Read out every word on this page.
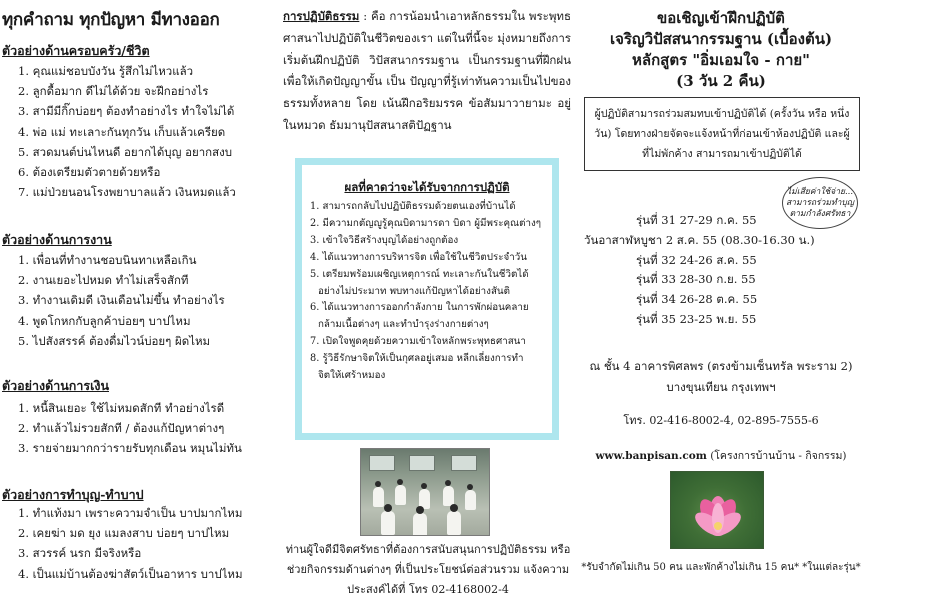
ทุกคำถาม ทุกปัญหา มีทางออก
ตัวอย่างด้านครอบครัว/ชีวิต
1. คุณแม่ชอบบังวัน รู้สึกไม่ไหวแล้ว
2. ลูกดื้อมาก ดีไม่ได้ด้วย จะฝึกอย่างไร
3. สามีมีกิ๊กบ่อยๆ ต้องทำอย่างไร ทำใจไม่ได้
4. พ่อ แม่ ทะเลาะกันทุกวัน เก็บแล้วเครียด
5. สวดมนต์บ่นไหนดี อยากได้บุญ อยากสงบ
6. ต้องเตรียมตัวตายด้วยหรือ
7. แม่ป่วยนอนโรงพยาบาลแล้ว เงินหมดแล้ว
ตัวอย่างด้านการงาน
1. เพื่อนที่ทำงานชอบนินทาเหลือเกิน
2. งานเยอะไปหมด ทำไม่เสร็จสักที
3. ทำงานเดิมดี เงินเดือนไม่ขึ้น ทำอย่างไร
4. พูดโกหกกับลูกค้าบ่อยๆ บาปไหม
5. ไปสังสรรค์ ต้องดื่มไวน์บ่อยๆ ผิดไหม
ตัวอย่างด้านการเงิน
1. หนี้สินเยอะ ใช้ไม่หมดสักที ทำอย่างไรดี
2. ทำแล้วไม่รวยสักที / ต้องแก้ปัญหาต่างๆ
3. รายจ่ายมากกว่ารายรับทุกเดือน หมุนไม่ทัน
ตัวอย่างการทำบุญ-ทำบาป
1. ทำแท้งมา เพราะความจำเป็น บาปมากไหม
2. เคยฆ่า มด ยุง แมลงสาบ บ่อยๆ บาปไหม
3. สวรรค์ นรก มีจริงหรือ
4. เป็นแม่บ้านต้องฆ่าสัตว์เป็นอาหาร บาปไหม

การปฏิบัติธรรม : คือ การน้อมนำเอาหลักธรรมใน พระพุทธศาสนาไปปฏิบัติในชีวิตของเรา แต่ในที่นี้จะ มุ่งหมายถึงการเริ่มต้นฝึกปฏิบัติ วิปัสสนากรรมฐาน เป็นกรรมฐานที่ฝึกฝน เพื่อให้เกิดปัญญาขั้น เป็น ปัญญาที่รู้เท่าทันความเป็นไปของธรรมทั้งหลาย โดย เน้นฝึกอริยมรรค ข้อสัมมาวายามะ อยู่ในหมวด ธัมมานุปัสสนาสติปัฏฐาน

ผลที่คาดว่าจะได้รับจากการปฏิบัติ
1. สามารถกลับไปปฏิบัติธรรมด้วยตนเองที่บ้านได้
2. มีความกตัญญูรู้คุณบิดามารดา บิดา ผู้มีพระคุณต่างๆ
3. เข้าใจวิธีสร้างบุญได้อย่างถูกต้อง
4. ได้แนวทางการบริหารจิต เพื่อใช้ในชีวิตประจำวัน
5. เตรียมพร้อมเผชิญเหตุการณ์ ทะเลาะกันในชีวิตได้
อย่างไม่ประมาท พบทางแก้ปัญหาได้อย่างสันติ
6. ได้แนวทางการออกกำลังกาย ในการพักผ่อนคลาย
กล้ามเนื้อต่างๆ และทำบำรุงร่างกายต่างๆ
7. เปิดใจพูดคุยด้วยความเข้าใจหลักพระพุทธศาสนา
8. รู้วิธีรักษาจิตให้เป็นกุศลอยู่เสมอ หลีกเลี่ยงการทำ
จิตให้เศร้าหมอง

ท่านผู้ใจดีมีจิตศรัทธาที่ต้องการสนับสนุนการปฏิบัติธรรม หรือช่วยกิจกรรมด้านต่างๆ ที่เป็นประโยชน์ต่อส่วนรวม แจ้งความประสงค์ได้ที่ โทร 02-4168002-4

ขอเชิญเข้าฝึกปฏิบัติ
เจริญวิปัสสนากรรมฐาน (เบื้องต้น)
หลักสูตร "อิ่มเอมใจ - กาย"
(3 วัน 2 คืน)
ผู้ปฏิบัติสามารถร่วมสมทบเข้าปฏิบัติได้ (ครั้งวัน หรือ หนึ่งวัน) โดยทางฝ่ายจัดจะแจ้งหน้าที่ก่อนเข้าห้องปฏิบัติ และผู้ที่ไม่พักค้าง สามารถมาเข้าปฏิบัติได้
ไม่เสียค่าใช้จ่าย... สามารถร่วมทำบุญ ตามกำลังศรัทธา
รุ่นที่ 31 27-29 ก.ค. 55
วันอาสาฬหบูชา 2 ส.ค. 55 (08.30-16.30 น.)
รุ่นที่ 32 24-26 ส.ค. 55
รุ่นที่ 33 28-30 ก.ย. 55
รุ่นที่ 34 26-28 ต.ค. 55
รุ่นที่ 35 23-25 พ.ย. 55
ณ ชั้น 4 อาคารพิศลพร (ตรงข้ามเซ็นทรัล พระราม 2) บางขุนเทียน กรุงเทพฯ
โทร. 02-416-8002-4, 02-895-7555-6
www.banpisan.com (โครงการบ้านบ้าน - กิจกรรม)
*รับจำกัดไม่เกิน 50 คน และพักค้างไม่เกิน 15 คน* *ในแต่ละรุ่น*
